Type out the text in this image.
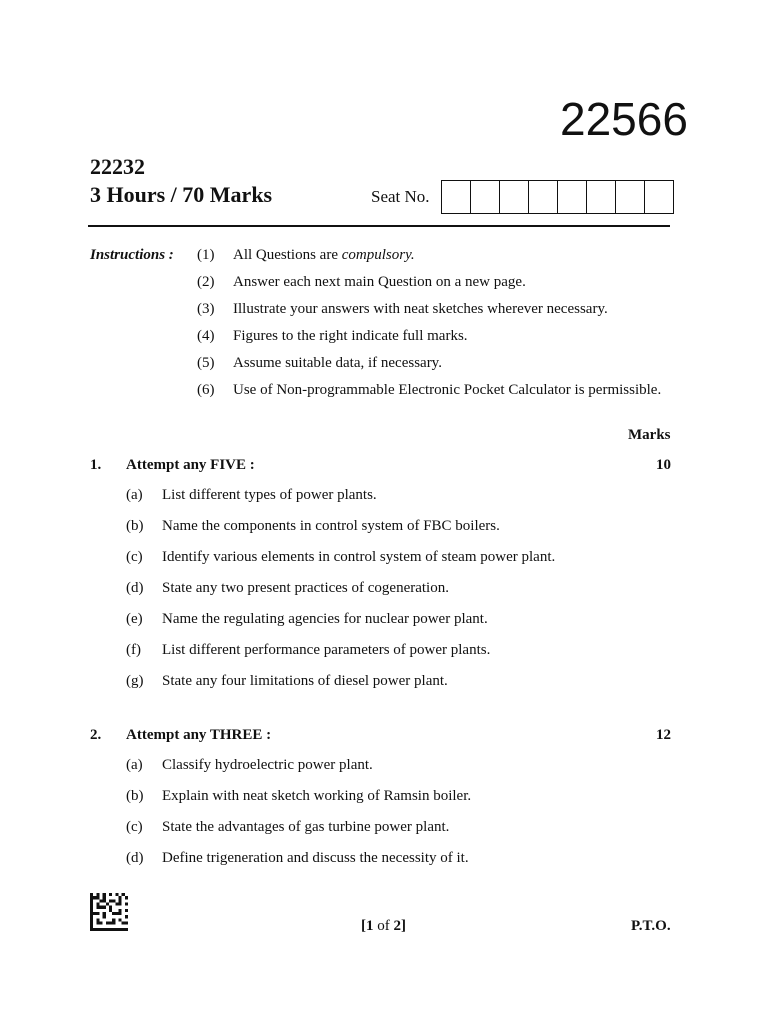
22566
22232
3 Hours / 70 Marks	Seat No.
Instructions : (1) All Questions are compulsory.
(2) Answer each next main Question on a new page.
(3) Illustrate your answers with neat sketches wherever necessary.
(4) Figures to the right indicate full marks.
(5) Assume suitable data, if necessary.
(6) Use of Non-programmable Electronic Pocket Calculator is permissible.
Marks
1. Attempt any FIVE :	10
(a) List different types of power plants.
(b) Name the components in control system of FBC boilers.
(c) Identify various elements in control system of steam power plant.
(d) State any two present practices of cogeneration.
(e) Name the regulating agencies for nuclear power plant.
(f) List different performance parameters of power plants.
(g) State any four limitations of diesel power plant.
2. Attempt any THREE :	12
(a) Classify hydroelectric power plant.
(b) Explain with neat sketch working of Ramsin boiler.
(c) State the advantages of gas turbine power plant.
(d) Define trigeneration and discuss the necessity of it.
[1 of 2]	P.T.O.
